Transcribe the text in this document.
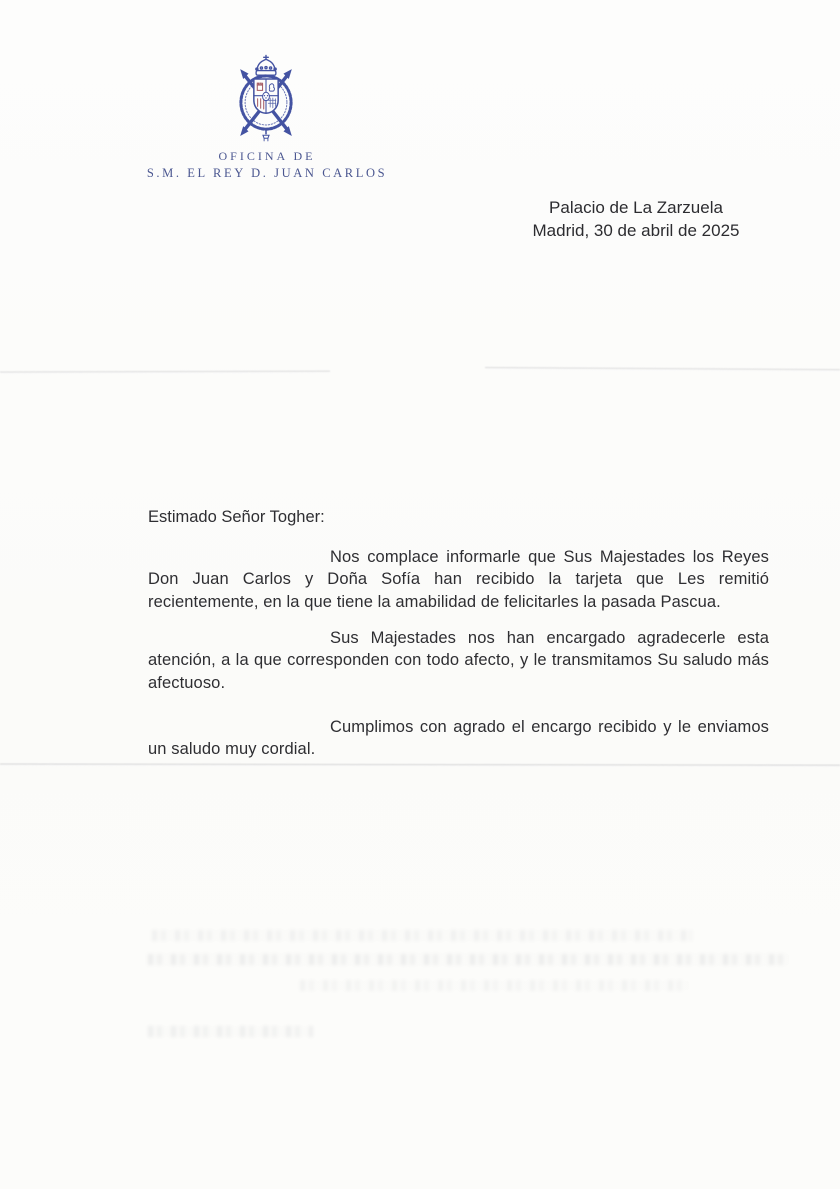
OFICINA DE
S.M. EL REY D. JUAN CARLOS
Palacio de La Zarzuela
Madrid, 30 de abril de 2025
Estimado Señor Togher:

Nos complace informarle que Sus Majestades los Reyes Don Juan Carlos y Doña Sofía han recibido la tarjeta que Les remitió recientemente, en la que tiene la amabilidad de felicitarles la pasada Pascua.

Sus Majestades nos han encargado agradecerle esta atención, a la que corresponden con todo afecto, y le transmitamos Su saludo más afectuoso.

Cumplimos con agrado el encargo recibido y le enviamos un saludo muy cordial.
